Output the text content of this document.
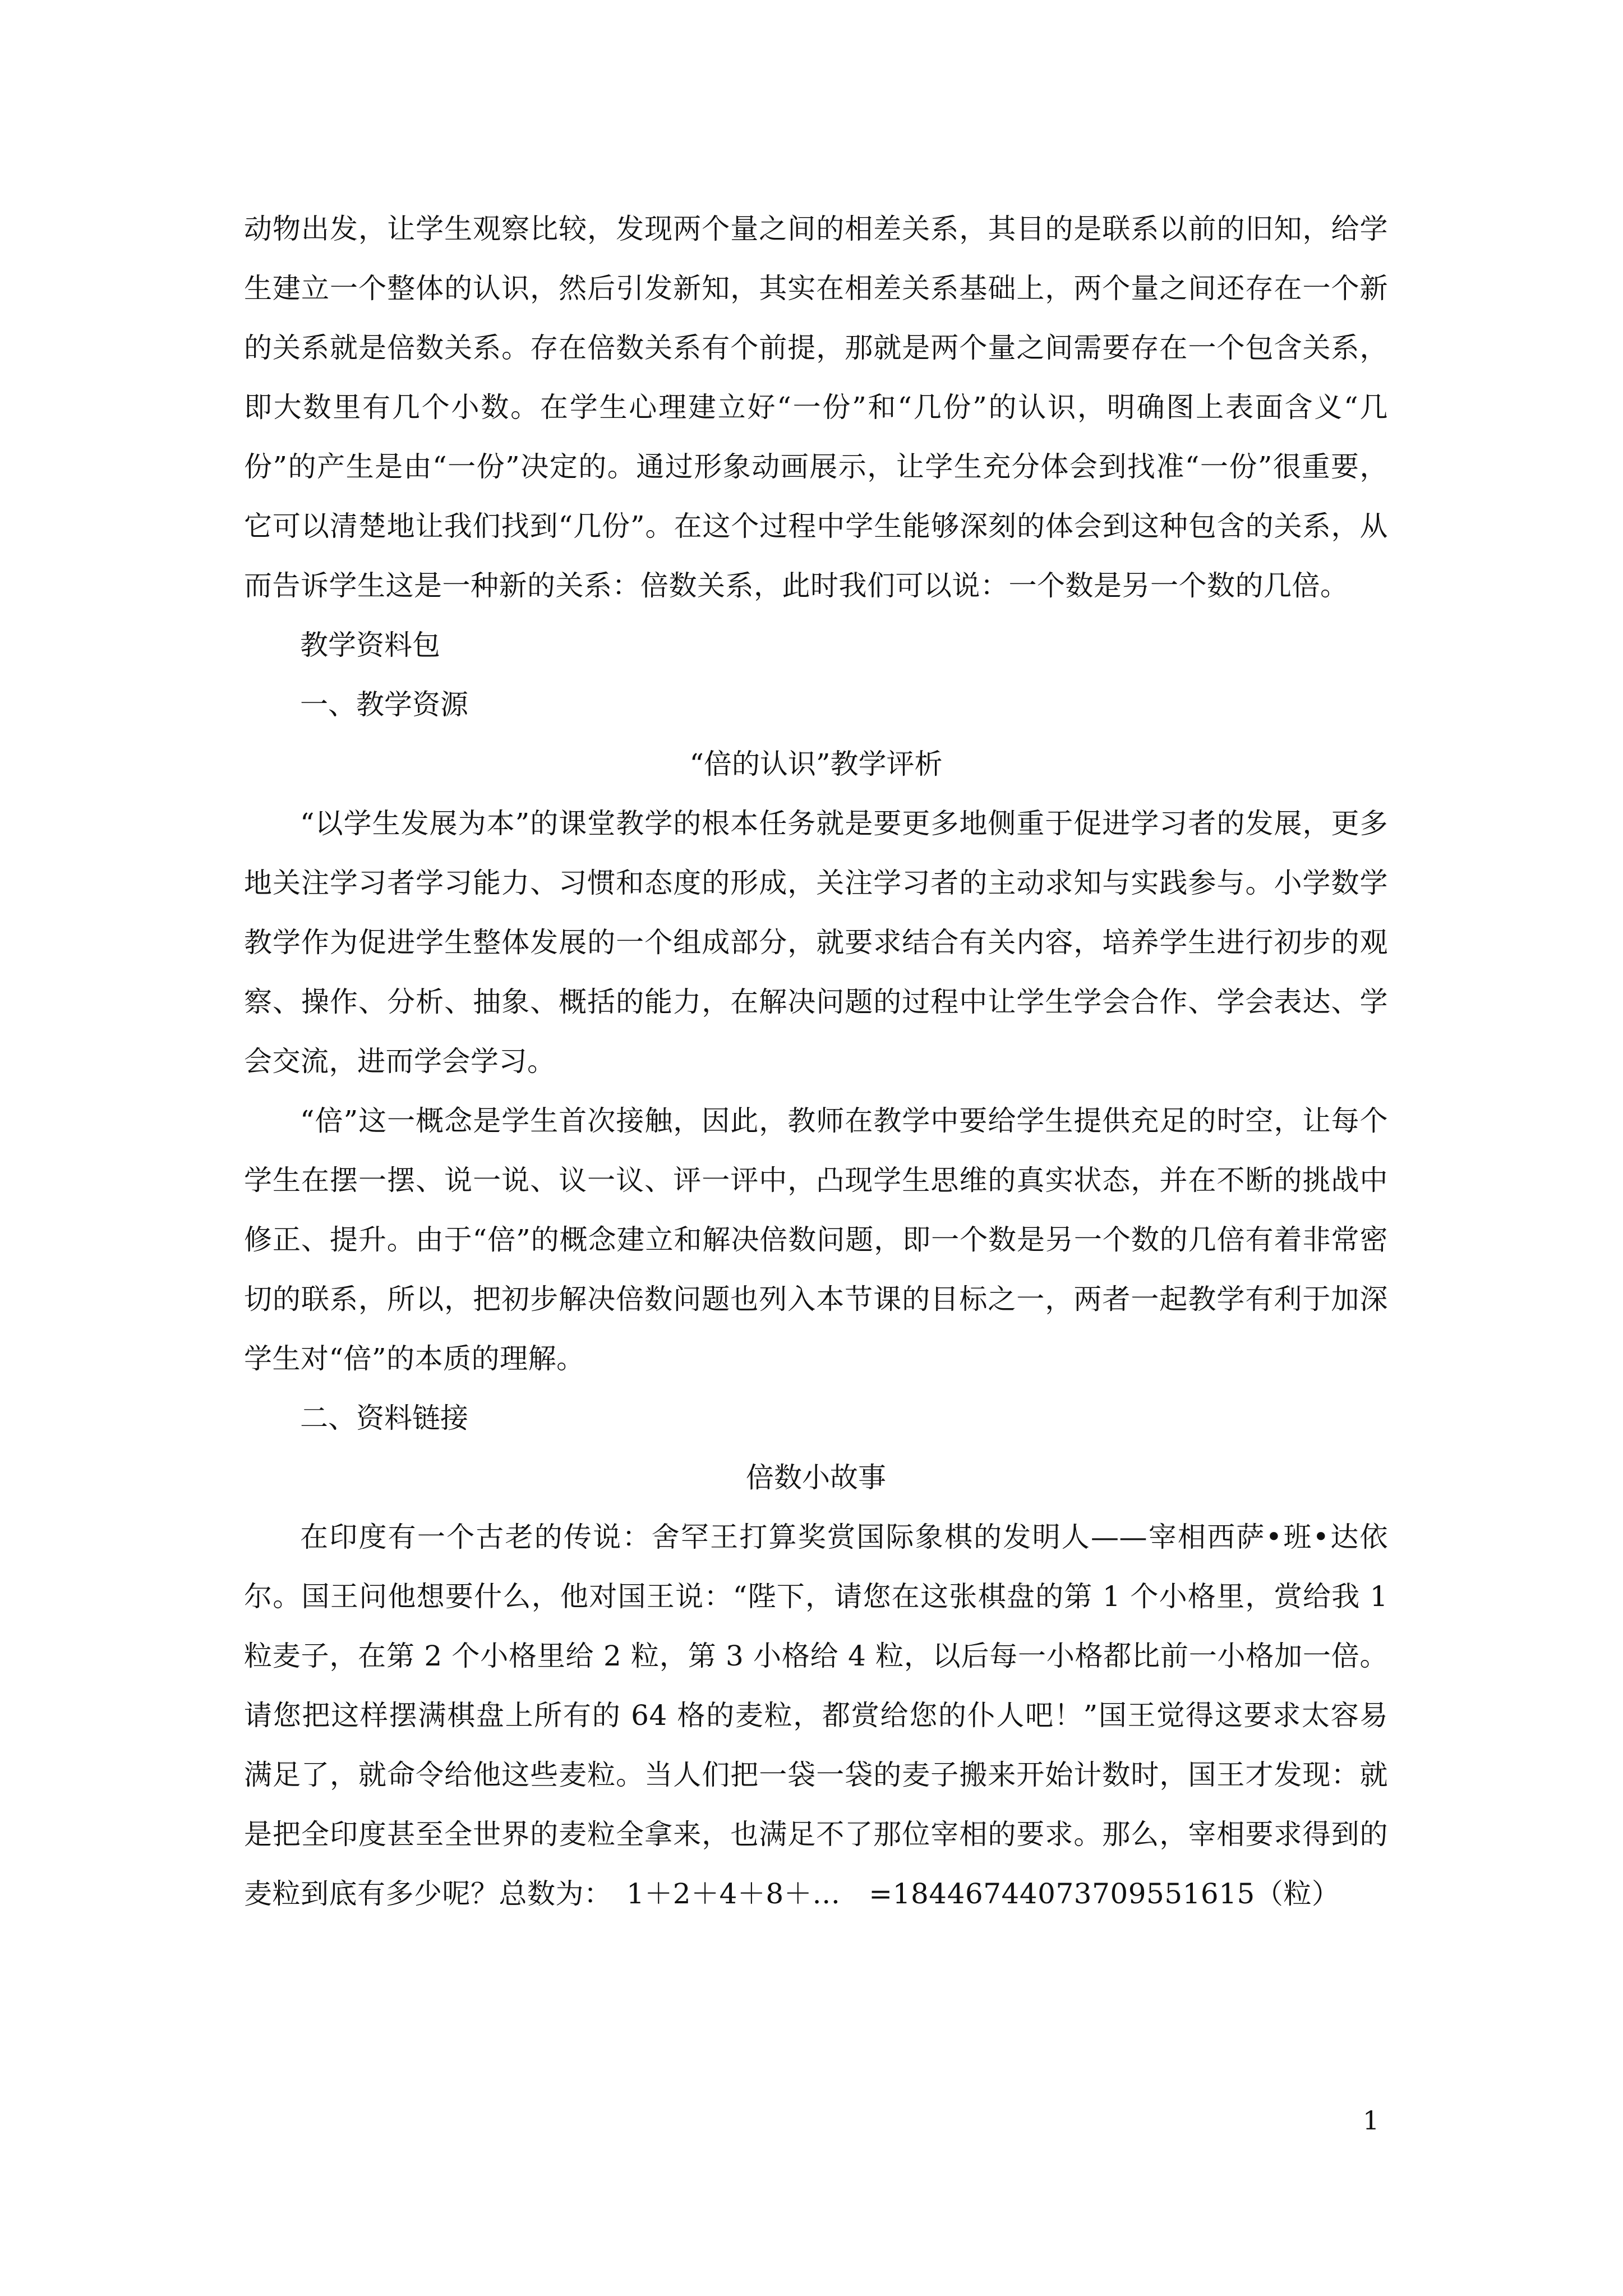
动物出发，让学生观察比较，发现两个量之间的相差关系，其目的是联系以前的旧知，给学生建立一个整体的认识，然后引发新知，其实在相差关系基础上，两个量之间还存在一个新的关系就是倍数关系。存在倍数关系有个前提，那就是两个量之间需要存在一个包含关系，即大数里有几个小数。在学生心理建立好“一份”和“几份”的认识，明确图上表面含义“几份”的产生是由“一份”决定的。通过形象动画展示，让学生充分体会到找准“一份”很重要，它可以清楚地让我们找到“几份”。在这个过程中学生能够深刻的体会到这种包含的关系，从而告诉学生这是一种新的关系：倍数关系，此时我们可以说：一个数是另一个数的几倍。

教学资料包

一、教学资源

“倍的认识”教学评析

“以学生发展为本”的课堂教学的根本任务就是要更多地侧重于促进学习者的发展，更多地关注学习者学习能力、习惯和态度的形成，关注学习者的主动求知与实践参与。小学数学教学作为促进学生整体发展的一个组成部分，就要求结合有关内容，培养学生进行初步的观察、操作、分析、抽象、概括的能力，在解决问题的过程中让学生学会合作、学会表达、学会交流，进而学会学习。

“倍”这一概念是学生首次接触，因此，教师在教学中要给学生提供充足的时空，让每个学生在摆一摆、说一说、议一议、评一评中，凸现学生思维的真实状态，并在不断的挑战中修正、提升。由于“倍”的概念建立和解决倍数问题，即一个数是另一个数的几倍有着非常密切的联系，所以，把初步解决倍数问题也列入本节课的目标之一，两者一起教学有利于加深学生对“倍”的本质的理解。

二、资料链接

倍数小故事

在印度有一个古老的传说：舍罕王打算奖赏国际象棋的发明人——宰相西萨•班•达依尔。国王问他想要什么，他对国王说：“陛下，请您在这张棋盘的第 1 个小格里，赏给我 1 粒麦子，在第 2 个小格里给 2 粒，第 3 小格给 4 粒，以后每一小格都比前一小格加一倍。请您把这样摆满棋盘上所有的 64 格的麦粒，都赏给您的仆人吧！”国王觉得这要求太容易满足了，就命令给他这些麦粒。当人们把一袋一袋的麦子搬来开始计数时，国王才发现：就是把全印度甚至全世界的麦粒全拿来，也满足不了那位宰相的要求。那么，宰相要求得到的麦粒到底有多少呢？总数为：　1＋2＋4＋8＋…　=18446744073709551615（粒）

1
